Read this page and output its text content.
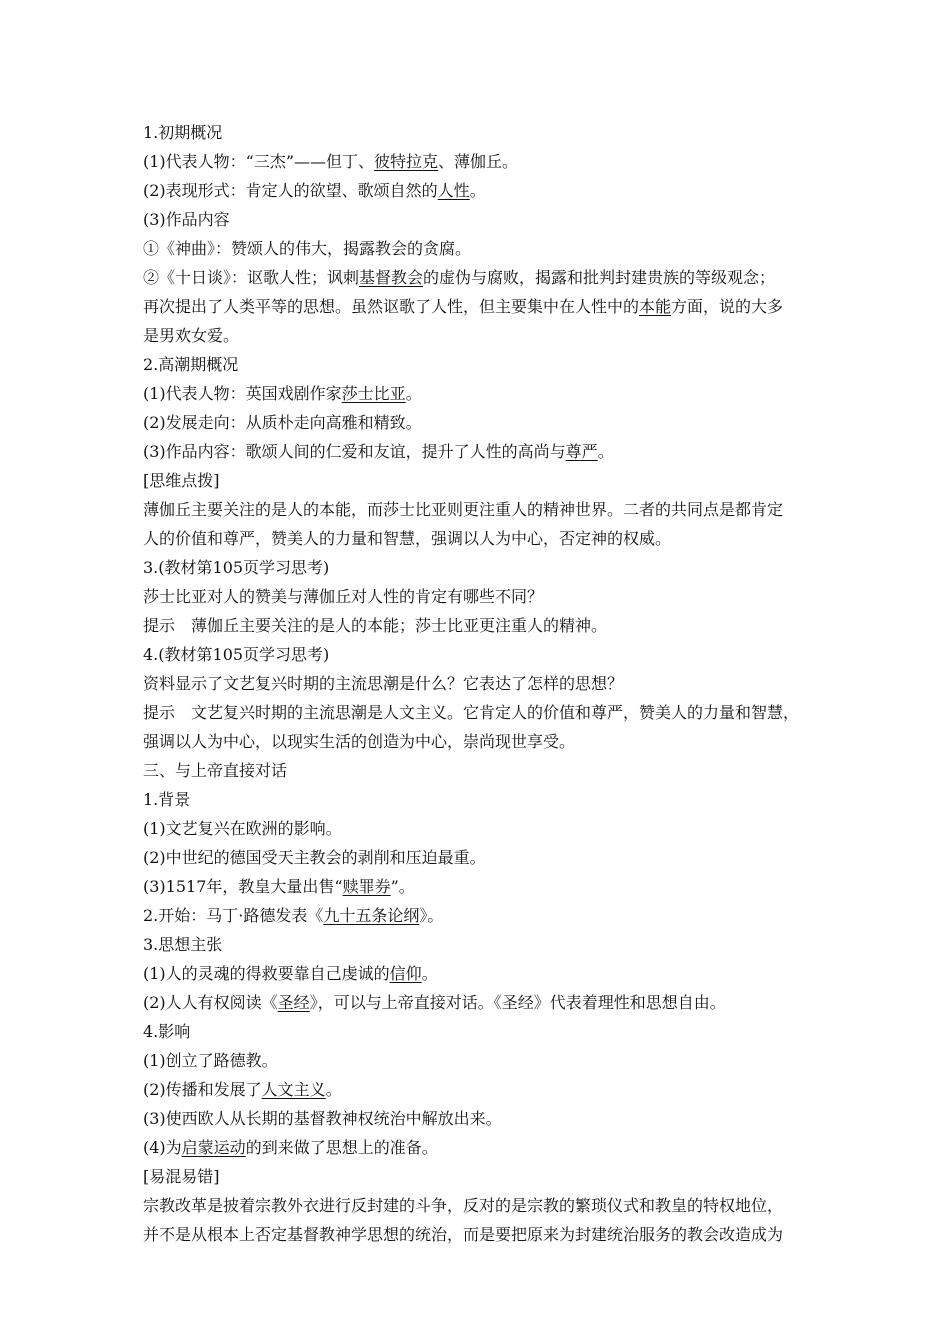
1.初期概况
(1)代表人物：“三杰”——但丁、彼特拉克、薄伽丘。
(2)表现形式：肯定人的欲望、歌颂自然的人性。
(3)作品内容
①《神曲》：赞颂人的伟大，揭露教会的贪腐。
②《十日谈》：讴歌人性；讽刺基督教会的虚伪与腐败，揭露和批判封建贵族的等级观念；
再次提出了人类平等的思想。虽然讴歌了人性，但主要集中在人性中的本能方面，说的大多
是男欢女爱。
2.高潮期概况
(1)代表人物：英国戏剧作家莎士比亚。
(2)发展走向：从质朴走向高雅和精致。
(3)作品内容：歌颂人间的仁爱和友谊，提升了人性的高尚与尊严。
[思维点拨]
薄伽丘主要关注的是人的本能，而莎士比亚则更注重人的精神世界。二者的共同点是都肯定
人的价值和尊严，赞美人的力量和智慧，强调以人为中心，否定神的权威。
3.(教材第105页学习思考)
莎士比亚对人的赞美与薄伽丘对人性的肯定有哪些不同？
提示　薄伽丘主要关注的是人的本能；莎士比亚更注重人的精神。
4.(教材第105页学习思考)
资料显示了文艺复兴时期的主流思潮是什么？它表达了怎样的思想？
提示　文艺复兴时期的主流思潮是人文主义。它肯定人的价值和尊严，赞美人的力量和智慧，
强调以人为中心，以现实生活的创造为中心，崇尚现世享受。
三、与上帝直接对话
1.背景
(1)文艺复兴在欧洲的影响。
(2)中世纪的德国受天主教会的剥削和压迫最重。
(3)1517年，教皇大量出售“赎罪券”。
2.开始：马丁·路德发表《九十五条论纲》。
3.思想主张
(1)人的灵魂的得救要靠自己虔诚的信仰。
(2)人人有权阅读《圣经》，可以与上帝直接对话。《圣经》代表着理性和思想自由。
4.影响
(1)创立了路德教。
(2)传播和发展了人文主义。
(3)使西欧人从长期的基督教神权统治中解放出来。
(4)为启蒙运动的到来做了思想上的准备。
[易混易错]
宗教改革是披着宗教外衣进行反封建的斗争，反对的是宗教的繁琐仪式和教皇的特权地位，
并不是从根本上否定基督教神学思想的统治，而是要把原来为封建统治服务的教会改造成为
